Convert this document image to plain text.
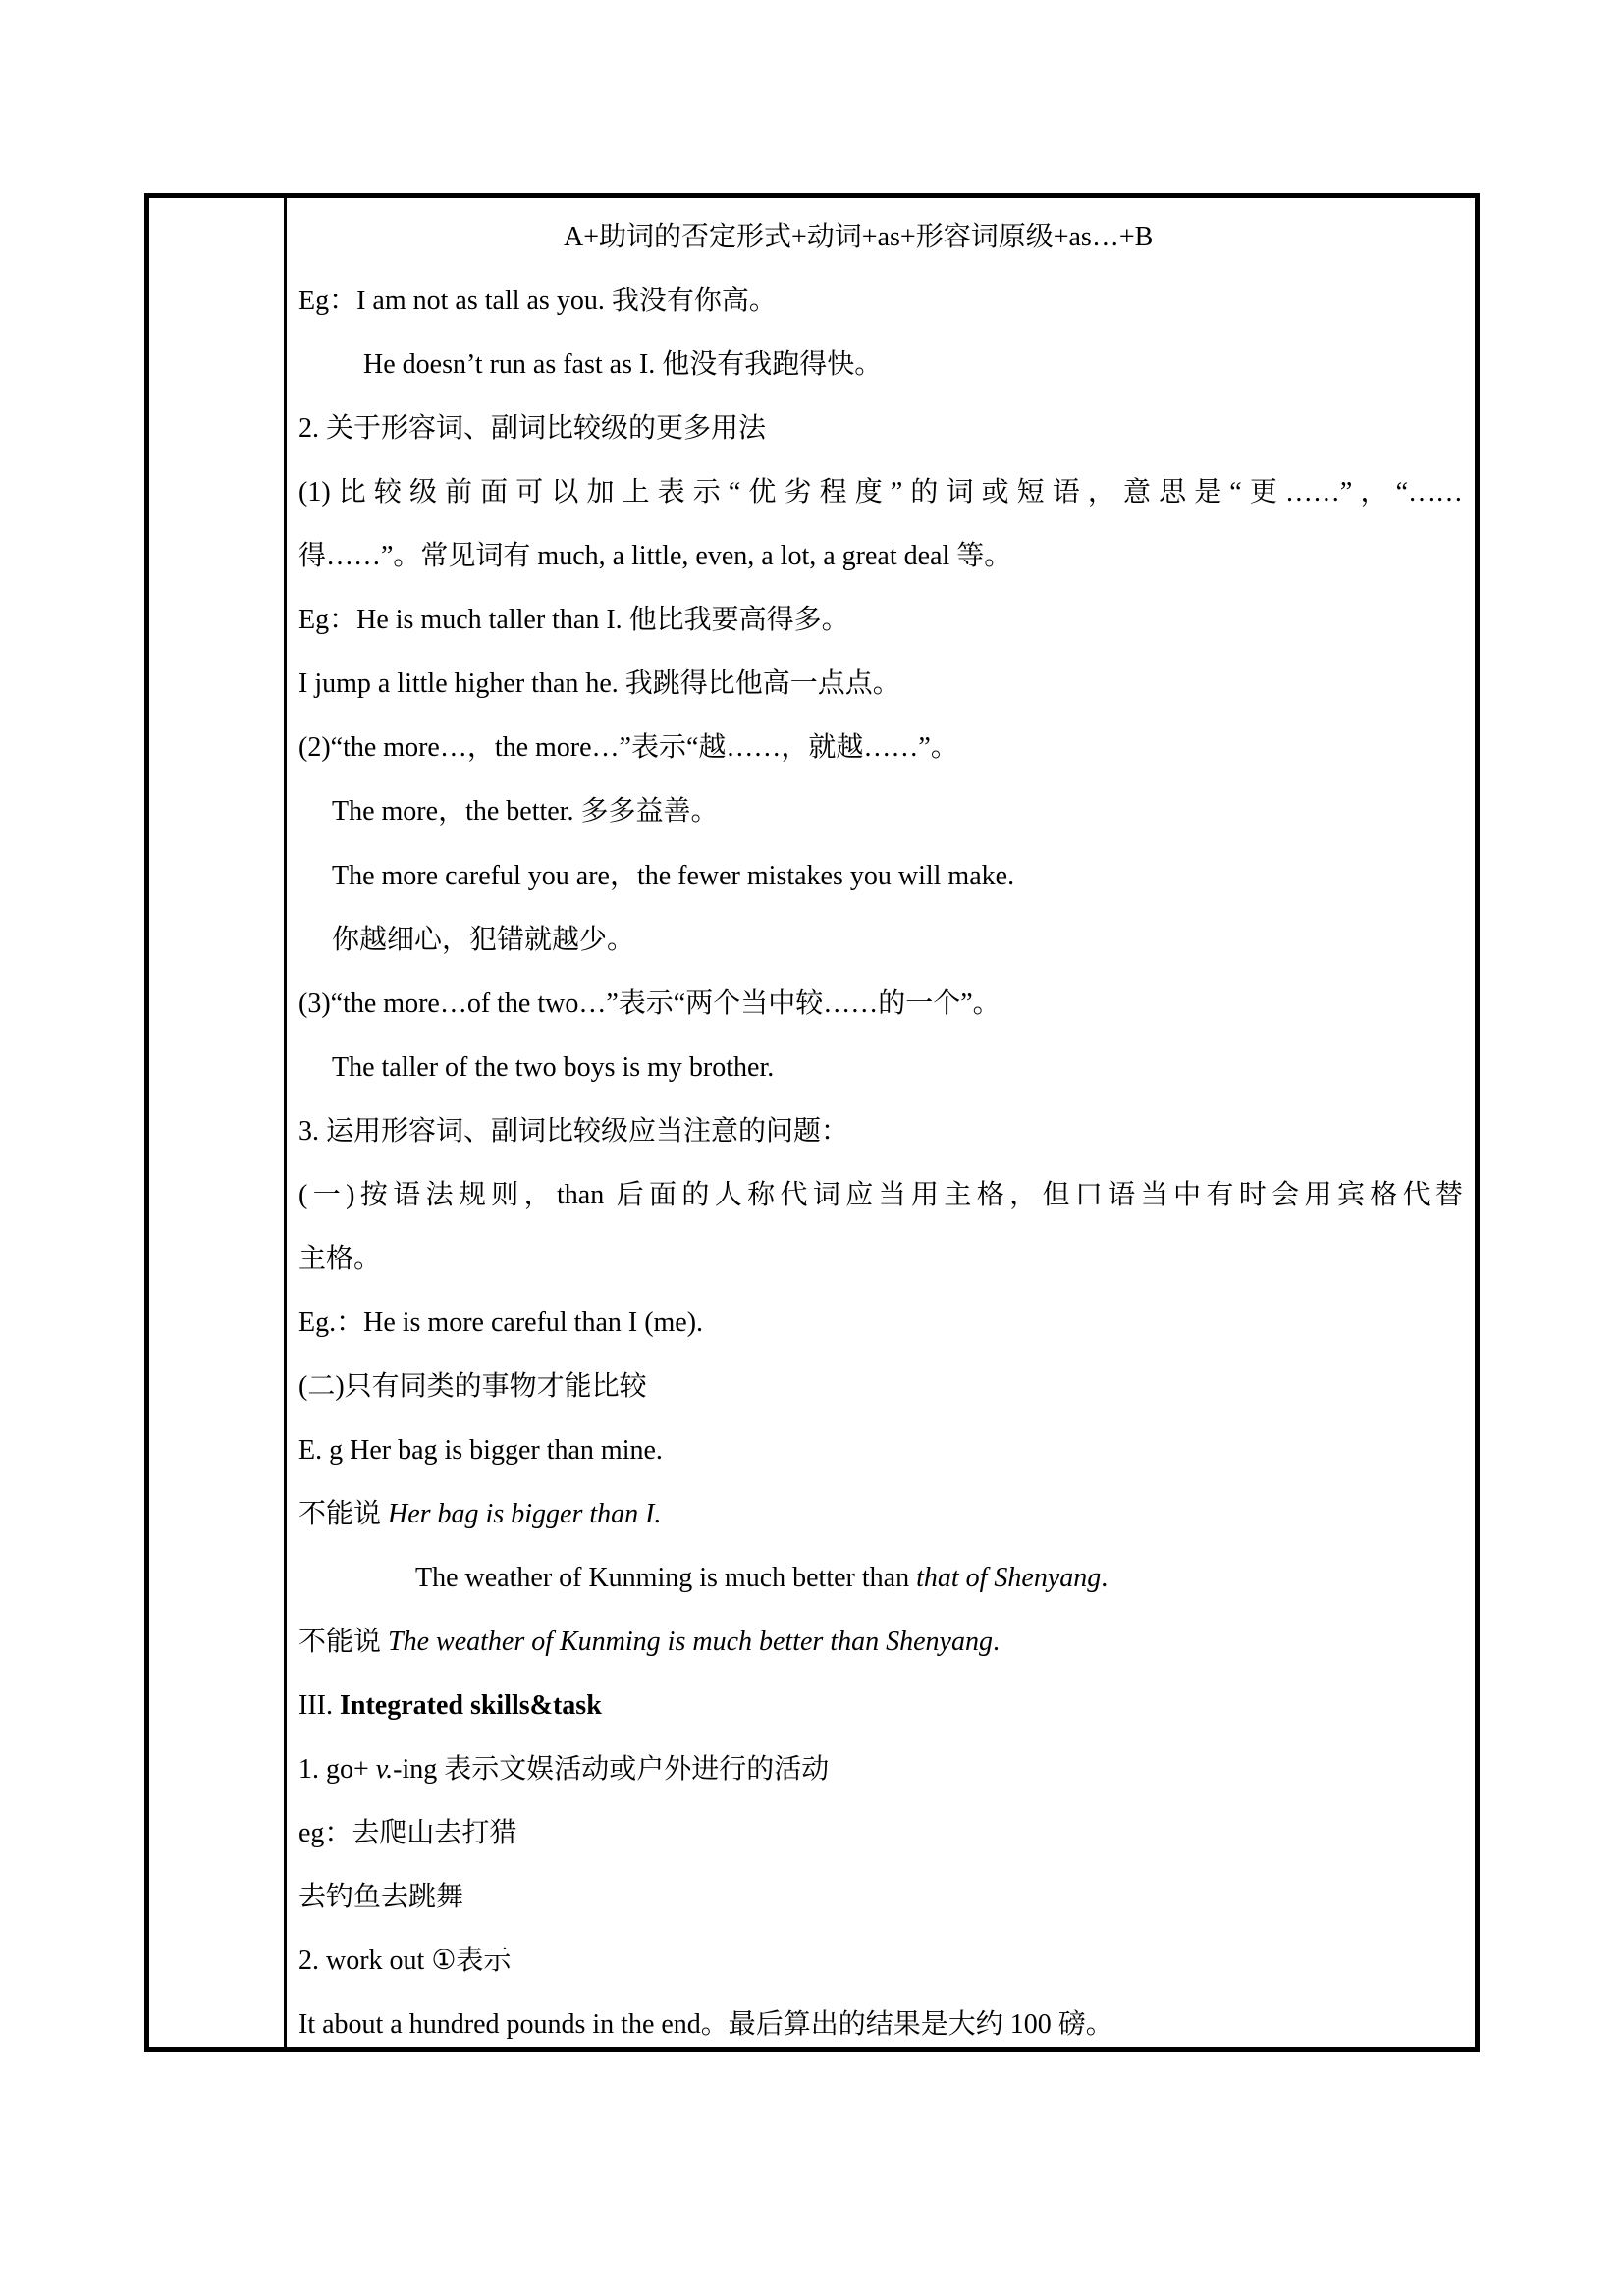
A+助词的否定形式+动词+as+形容词原级+as…+B
Eg：I am not as tall as you. 我没有你高。
He doesn’t run as fast as I. 他没有我跑得快。
2. 关于形容词、副词比较级的更多用法
(1)比较级前面可以加上表示“优劣程度”的词或短语，意思是“更……”，“……
得……”。常见词有 much, a little, even, a lot, a great deal 等。
Eg：He is much taller than I. 他比我要高得多。
I jump a little higher than he. 我跳得比他高一点点。
(2)“the more…，the more…”表示“越……，就越……”。
The more，the better. 多多益善。
The more careful you are，the fewer mistakes you will make.
你越细心，犯错就越少。
(3)“the more…of the two…”表示“两个当中较……的一个”。
The taller of the two boys is my brother.
3. 运用形容词、副词比较级应当注意的问题：
(一)按语法规则，than 后面的人称代词应当用主格，但口语当中有时会用宾格代替
主格。
Eg.：He is more careful than I (me).
(二)只有同类的事物才能比较
E. g Her bag is bigger than mine.
不能说 Her bag is bigger than I.
The weather of Kunming is much better than that of Shenyang.
不能说 The weather of Kunming is much better than Shenyang.
III. Integrated skills&task
1. go+ v.-ing 表示文娱活动或户外进行的活动
eg：去爬山去打猎
去钓鱼去跳舞
2. work out ①表示
It about a hundred pounds in the end。最后算出的结果是大约 100 磅。
